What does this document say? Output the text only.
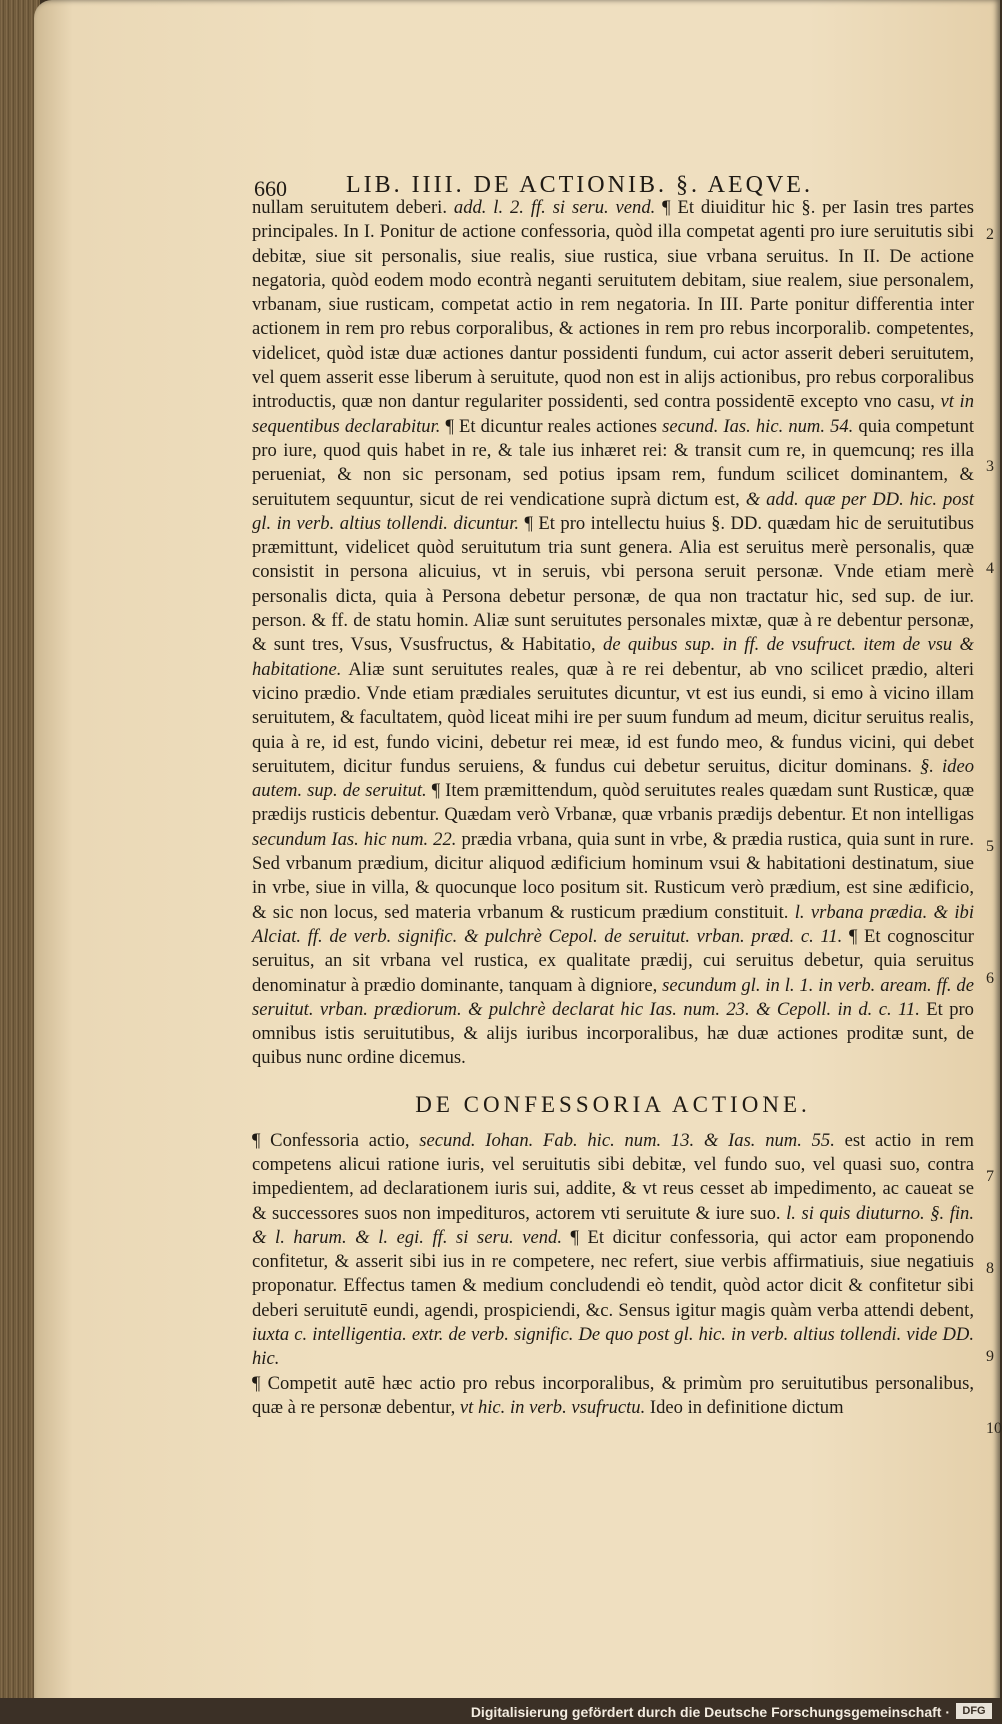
660 LIB. IIII. DE ACTIONIB. §. AEQVE.

nullam seruitutem deberi. add. l. 2. ff. si seru. vend. ¶ Et diuiditur hic §. per Iasin tres partes principales. In I. Ponitur de actione confessoria, quòd illa competat agenti pro iure seruitutis sibi debitæ, siue sit personalis, siue realis, siue rustica, siue vrbana seruitus. In II. De actione negatoria, quòd eodem modo econtrà neganti seruitutem debitam, siue realem, siue personalem, vrbanam, siue rusticam, competat actio in rem negatoria. In III. Parte ponitur differentia inter actionem in rem pro rebus corporalibus, & actiones in rem pro rebus incorporalib. competentes, videlicet, quòd istæ duæ actiones dantur possidenti fundum, cui actor asserit deberi seruitutem, vel quem asserit esse liberum à seruitute, quod non est in alijs actionibus, pro rebus corporalibus introductis, quæ non dantur regulariter possidenti, sed contra possidentē excepto vno casu, vt in sequentibus declarabitur. ¶ Et dicuntur reales actiones secund. Ias. hic. num. 54. quia competunt pro iure, quod quis habet in re, & tale ius inhæret rei: & transit cum re, in quemcunq; res illa perueniat, & non sic personam, sed potius ipsam rem, fundum scilicet dominantem, & seruitutem sequuntur, sicut de rei vendicatione suprà dictum est, & add. quæ per DD. hic. post gl. in verb. altius tollendi. dicuntur. ¶ Et pro intellectu huius §. DD. quædam hic de seruitutibus præmittunt, videlicet quòd seruitutum tria sunt genera. Alia est seruitus merè personalis, quæ consistit in persona alicuius, vt in seruis, vbi persona seruit personæ. Vnde etiam merè personalis dicta, quia à Persona debetur personæ, de qua non tractatur hic, sed sup. de iur. person. & ff. de statu homin. Aliæ sunt seruitutes personales mixtæ, quæ à re debentur personæ, & sunt tres, Vsus, Vsusfructus, & Habitatio, de quibus sup. in ff. de vsufruct. item de vsu & habitatione. Aliæ sunt seruitutes reales, quæ à re rei debentur, ab vno scilicet prædio, alteri vicino prædio. Vnde etiam prædiales seruitutes dicuntur, vt est ius eundi, si emo à vicino illam seruitutem, & facultatem, quòd liceat mihi ire per suum fundum ad meum, dicitur seruitus realis, quia à re, id est, fundo vicini, debetur rei meæ, id est fundo meo, & fundus vicini, qui debet seruitutem, dicitur fundus seruiens, & fundus cui debetur seruitus, dicitur dominans. §. ideo autem. sup. de seruitut. ¶ Item præmittendum, quòd seruitutes reales quædam sunt Rusticæ, quæ prædijs rusticis debentur. Quædam verò Vrbanæ, quæ vrbanis prædijs debentur. Et non intelligas secundum Ias. hic num. 22. prædia vrbana, quia sunt in vrbe, & prædia rustica, quia sunt in rure. Sed vrbanum prædium, dicitur aliquod ædificium hominum vsui & habitationi destinatum, siue in vrbe, siue in villa, & quocunque loco positum sit. Rusticum verò prædium, est sine ædificio, & sic non locus, sed materia vrbanum & rusticum prædium constituit. l. vrbana prædia. & ibi Alciat. ff. de verb. signific. & pulchrè Cepol. de seruitut. vrban. præd. c. 11. ¶ Et cognoscitur seruitus, an sit vrbana vel rustica, ex qualitate prædij, cui seruitus debetur, quia seruitus denominatur à prædio dominante, tanquam à digniore, secundum gl. in l. 1. in verb. aream. ff. de seruitut. vrban. prædiorum. & pulchrè declarat hic Ias. num. 23. & Cepoll. in d. c. 11. Et pro omnibus istis seruitutibus, & alijs iuribus incorporalibus, hæ duæ actiones proditæ sunt, de quibus nunc ordine dicemus.

DE CONFESSORIA ACTIONE.

¶ Confessoria actio, secund. Iohan. Fab. hic. num. 13. & Ias. num. 55. est actio in rem competens alicui ratione iuris, vel seruitutis sibi debitæ, vel fundo suo, vel quasi suo, contra impedientem, ad declarationem iuris sui, addite, & vt reus cesset ab impedimento, ac caueat se & successores suos non impedituros, actorem vti seruitute & iure suo. l. si quis diuturno. §. fin. & l. harum. & l. egi. ff. si seru. vend. ¶ Et dicitur confessoria, qui actor eam proponendo confitetur, & asserit sibi ius in re competere, nec refert, siue verbis affirmatiuis, siue negatiuis proponatur. Effectus tamen & medium concludendi eò tendit, quòd actor dicit & confitetur sibi deberi seruitutē eundi, agendi, prospiciendi, &c. Sensus igitur magis quàm verba attendi debent, iuxta c. intelligentia. extr. de verb. signific. De quo post gl. hic. in verb. altius tollendi. vide DD. hic.

¶ Competit autē hæc actio pro rebus incorporalibus, & primùm pro seruitutibus personalibus, quæ à re personæ debentur, vt hic. in verb. vsufructu. Ideo in definitione dictum

2
3
4
5
6
7
8
9
10
Digitalisierung gefördert durch die Deutsche Forschungsgemeinschaft ·	DFG
